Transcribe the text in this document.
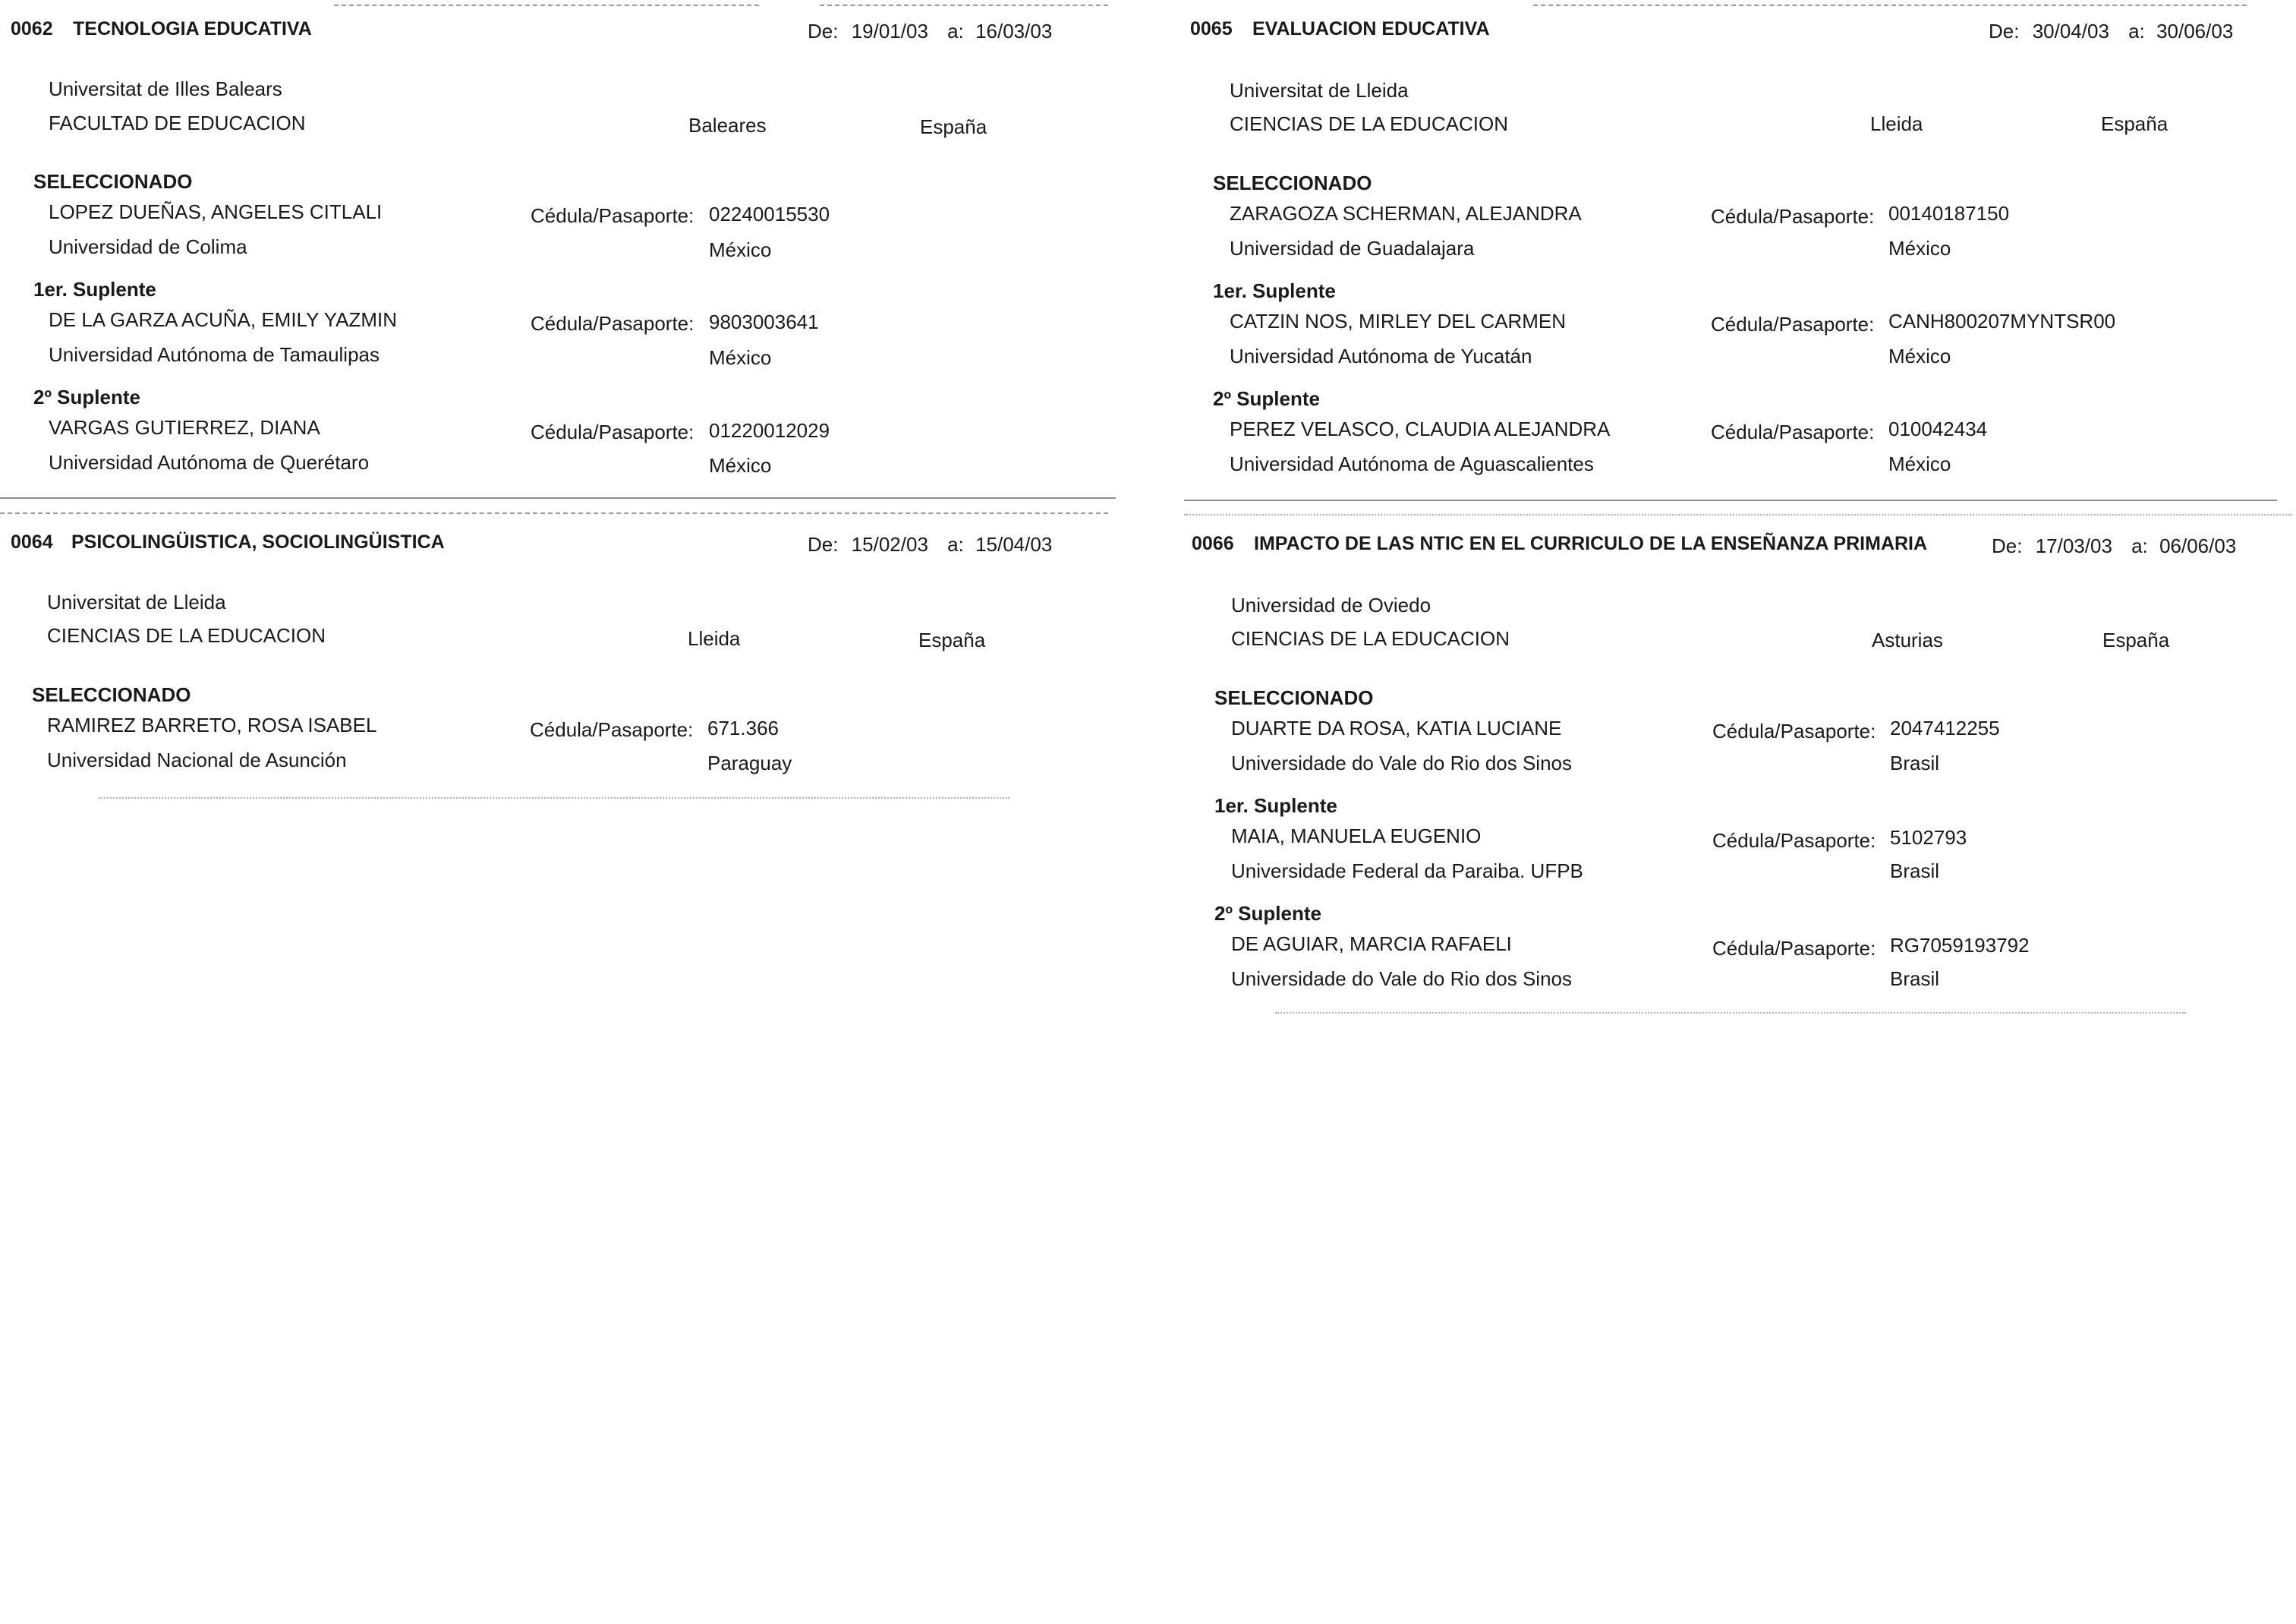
0062 TECNOLOGIA EDUCATIVA	De: 19/01/03 a: 16/03/03
Universitat de Illes Balears
FACULTAD DE EDUCACION	Baleares	España
SELECCIONADO
LOPEZ DUEÑAS, ANGELES CITLALI	Cédula/Pasaporte: 02240015530
Universidad de Colima	México
1er. Suplente
DE LA GARZA ACUÑA, EMILY YAZMIN	Cédula/Pasaporte: 9803003641
Universidad Autónoma de Tamaulipas	México
2º Suplente
VARGAS GUTIERREZ, DIANA	Cédula/Pasaporte: 01220012029
Universidad Autónoma de Querétaro	México
0065 EVALUACION EDUCATIVA	De: 30/04/03 a: 30/06/03
Universitat de Lleida
CIENCIAS DE LA EDUCACION	Lleida	España
SELECCIONADO
ZARAGOZA SCHERMAN, ALEJANDRA	Cédula/Pasaporte: 00140187150
Universidad de Guadalajara	México
1er. Suplente
CATZIN NOS, MIRLEY DEL CARMEN	Cédula/Pasaporte: CANH800207MYNTSR00
Universidad Autónoma de Yucatán	México
2º Suplente
PEREZ VELASCO, CLAUDIA ALEJANDRA	Cédula/Pasaporte: 010042434
Universidad Autónoma de Aguascalientes	México
0064 PSICOLINGÜISTICA, SOCIOLINGÜISTICA	De: 15/02/03 a: 15/04/03
Universitat de Lleida
CIENCIAS DE LA EDUCACION	Lleida	España
SELECCIONADO
RAMIREZ BARRETO, ROSA ISABEL	Cédula/Pasaporte: 671.366
Universidad Nacional de Asunción	Paraguay
0066 IMPACTO DE LAS NTIC EN EL CURRICULO DE LA ENSEÑANZA PRIMARIA	De: 17/03/03 a: 06/06/03
Universidad de Oviedo
CIENCIAS DE LA EDUCACION	Asturias	España
SELECCIONADO
DUARTE DA ROSA, KATIA LUCIANE	Cédula/Pasaporte: 2047412255
Universidade do Vale do Rio dos Sinos	Brasil
1er. Suplente
MAIA, MANUELA EUGENIO	Cédula/Pasaporte: 5102793
Universidade Federal da Paraiba. UFPB	Brasil
2º Suplente
DE AGUIAR, MARCIA RAFAELI	Cédula/Pasaporte: RG7059193792
Universidade do Vale do Rio dos Sinos	Brasil
